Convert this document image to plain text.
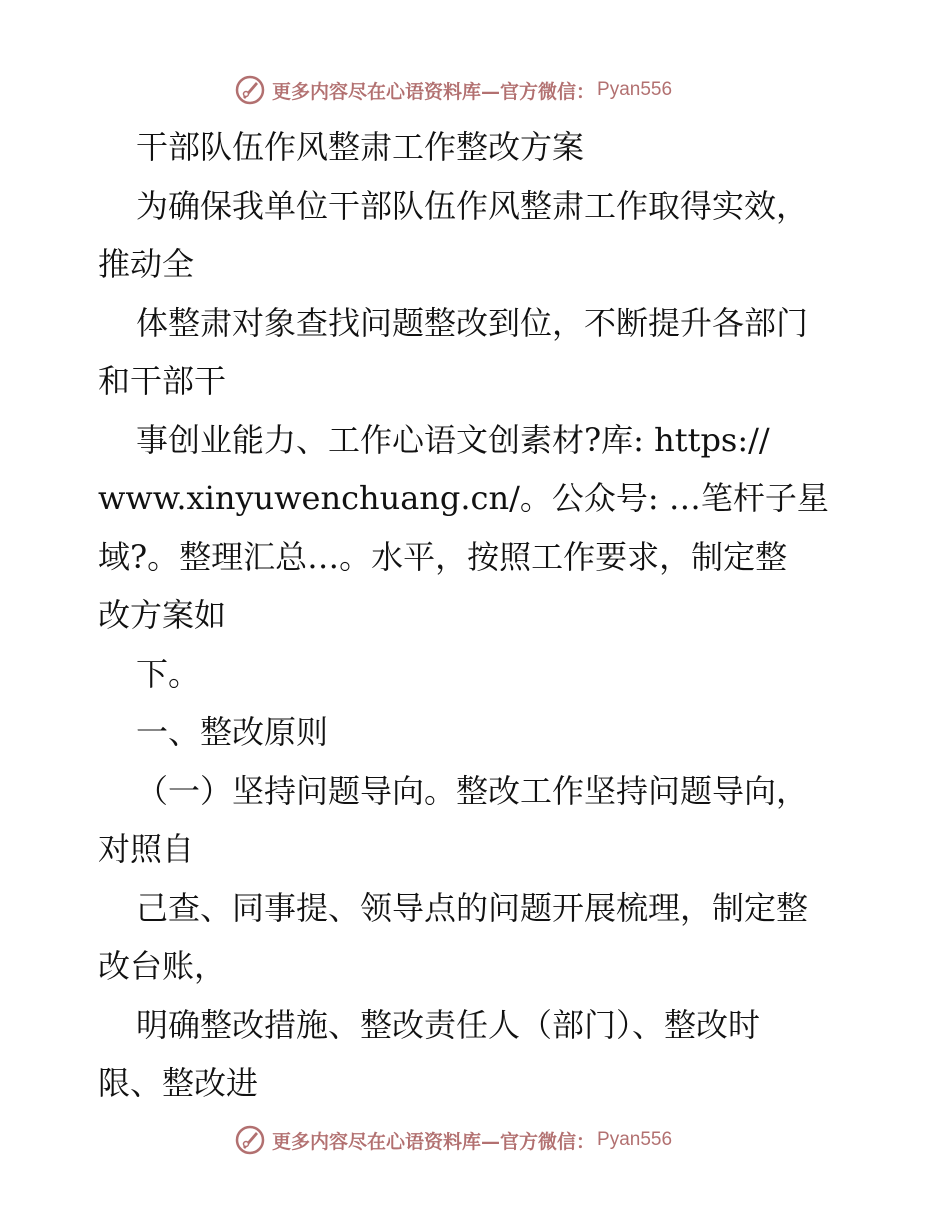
更多内容尽在心语资料库—官方微信： Pyan556
干部队伍作风整肃工作整改方案
为确保我单位干部队伍作风整肃工作取得实效，
推动全
体整肃对象查找问题整改到位，不断提升各部门
和干部干
事创业能力、工作心语文创素材?库: https://
www.xinyuwenchuang.cn/。公众号: …笔杆子星
域?。整理汇总…。水平，按照工作要求，制定整
改方案如
下。
一、整改原则
（一）坚持问题导向。整改工作坚持问题导向，
对照自
己查、同事提、领导点的问题开展梳理，制定整
改台账，
明确整改措施、整改责任人（部门）、整改时
限、整改进
更多内容尽在心语资料库—官方微信： Pyan556
